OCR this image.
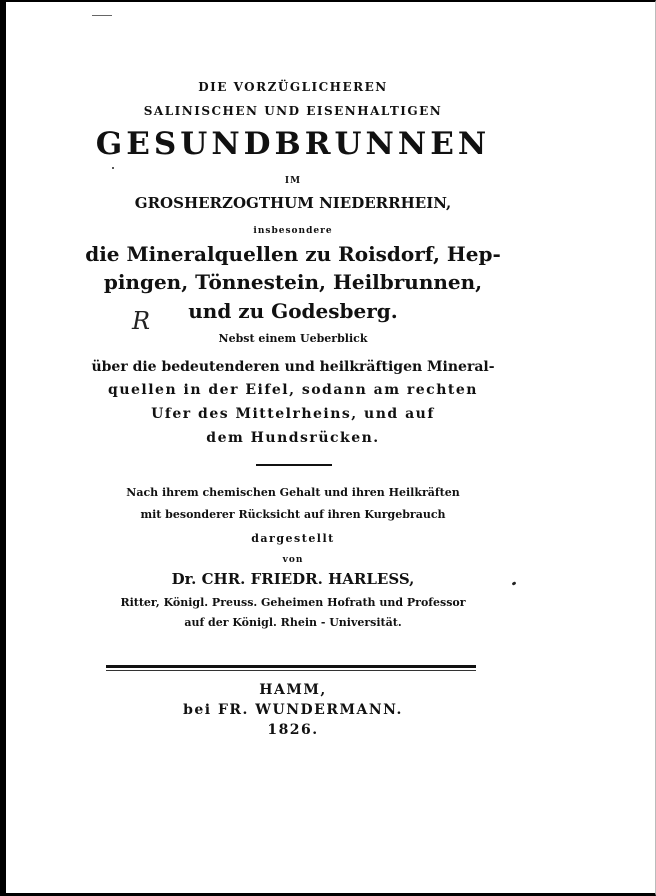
DIE VORZÜGLICHEREN
SALINISCHEN UND EISENHALTIGEN
GESUNDBRUNNEN
IM
GROSHERZOGTHUM NIEDERRHEIN,
insbesondere
die Mineralquellen zu Roisdorf, Hep-
pingen, Tönnestein, Heilbrunnen,
und zu Godesberg.
R
Nebst einem Ueberblick
über die bedeutenderen und heilkräftigen Mineral-
quellen in der Eifel, sodann am rechten
Ufer des Mittelrheins, und auf
dem Hundsrücken.
Nach ihrem chemischen Gehalt und ihren Heilkräften
mit besonderer Rücksicht auf ihren Kurgebrauch
dargestellt
von
Dr. CHR. FRIEDR. HARLESS,
Ritter, Königl. Preuss. Geheimen Hofrath und Professor
auf der Königl. Rhein - Universität.
HAMM,
bei FR. WUNDERMANN.
1826.
